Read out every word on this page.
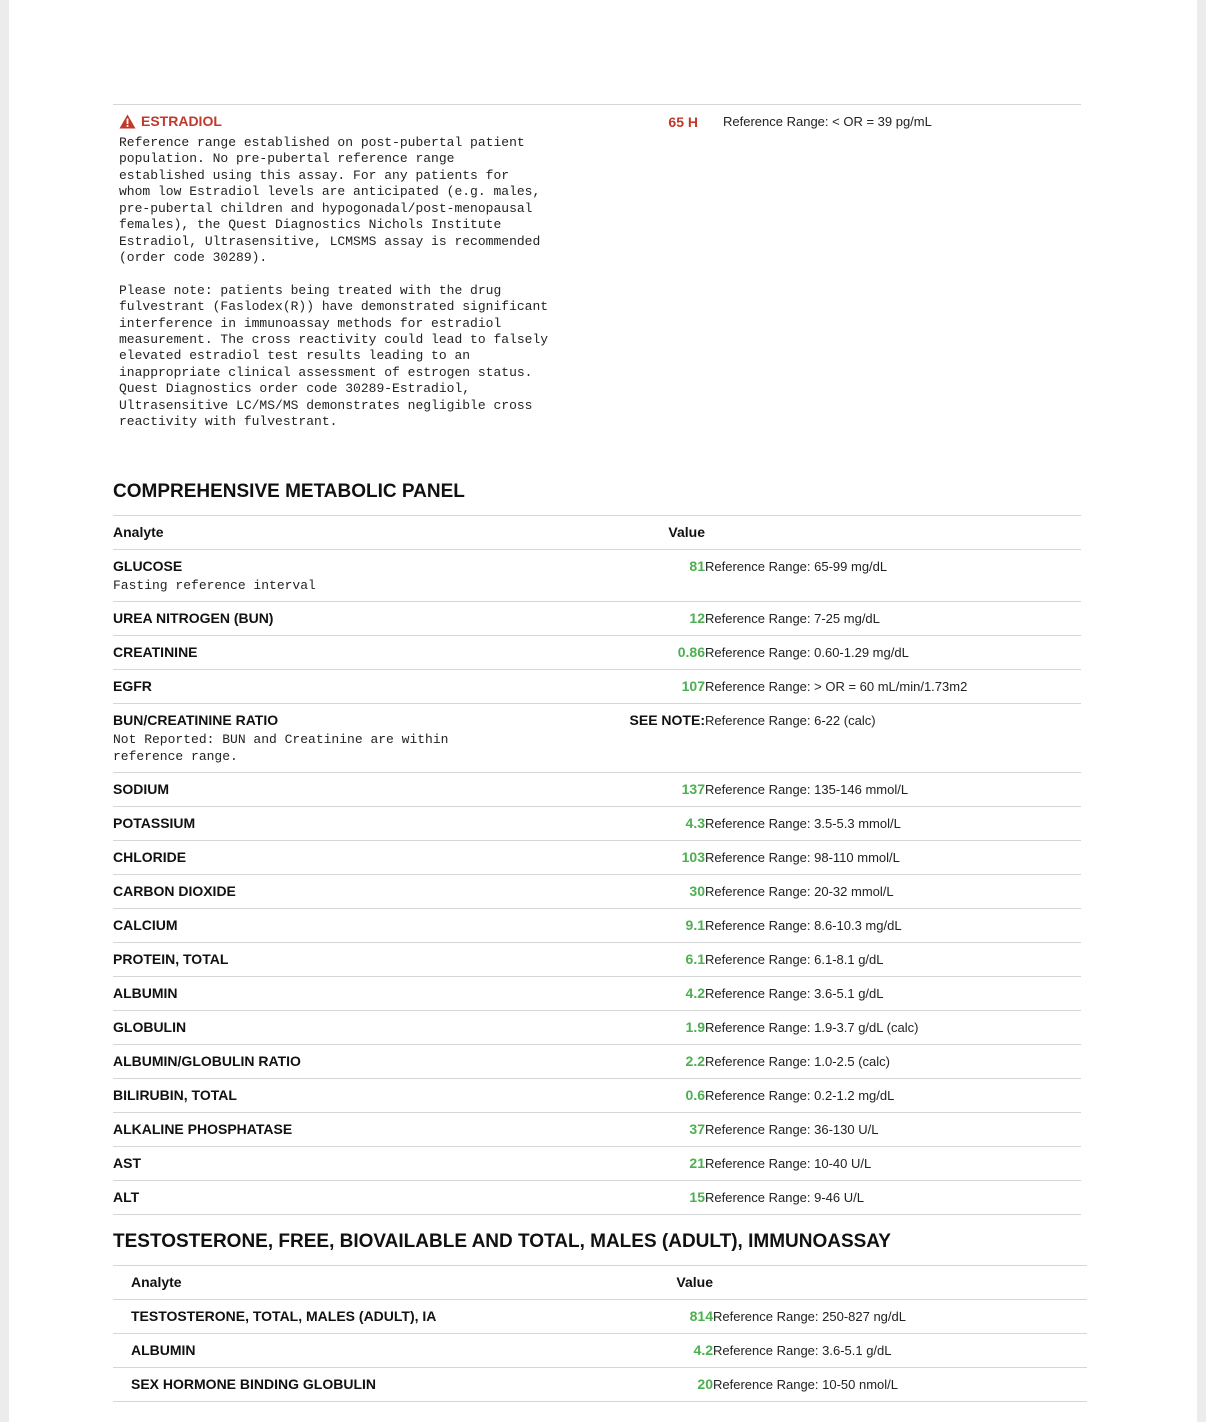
ESTRADIOL	65 H Reference Range: < OR = 39 pg/mL
Reference range established on post-pubertal patient
population. No pre-pubertal reference range
established using this assay. For any patients for
whom low Estradiol levels are anticipated (e.g. males,
pre-pubertal children and hypogonadal/post-menopausal
females), the Quest Diagnostics Nichols Institute
Estradiol, Ultrasensitive, LCMSMS assay is recommended
(order code 30289).
Please note: patients being treated with the drug
fulvestrant (Faslodex(R)) have demonstrated significant
interference in immunoassay methods for estradiol
measurement. The cross reactivity could lead to falsely
elevated estradiol test results leading to an
inappropriate clinical assessment of estrogen status.
Quest Diagnostics order code 30289-Estradiol,
Ultrasensitive LC/MS/MS demonstrates negligible cross
reactivity with fulvestrant.
COMPREHENSIVE METABOLIC PANEL
Analyte	Value	

GLUCOSE
Fasting reference interval	81	Reference Range: 65-99 mg/dL

UREA NITROGEN (BUN)	12	Reference Range: 7-25 mg/dL

CREATININE	0.86	Reference Range: 0.60-1.29 mg/dL

EGFR	107	Reference Range: > OR = 60 mL/min/1.73m2

BUN/CREATININE RATIO
Not Reported: BUN and Creatinine are within
reference range.	SEE NOTE:	Reference Range: 6-22 (calc)

SODIUM	137	Reference Range: 135-146 mmol/L

POTASSIUM	4.3	Reference Range: 3.5-5.3 mmol/L

CHLORIDE	103	Reference Range: 98-110 mmol/L

CARBON DIOXIDE	30	Reference Range: 20-32 mmol/L

CALCIUM	9.1	Reference Range: 8.6-10.3 mg/dL

PROTEIN, TOTAL	6.1	Reference Range: 6.1-8.1 g/dL

ALBUMIN	4.2	Reference Range: 3.6-5.1 g/dL

GLOBULIN	1.9	Reference Range: 1.9-3.7 g/dL (calc)

ALBUMIN/GLOBULIN RATIO	2.2	Reference Range: 1.0-2.5 (calc)

BILIRUBIN, TOTAL	0.6	Reference Range: 0.2-1.2 mg/dL

ALKALINE PHOSPHATASE	37	Reference Range: 36-130 U/L

AST	21	Reference Range: 10-40 U/L

ALT	15	Reference Range: 9-46 U/L
TESTOSTERONE, FREE, BIOVAILABLE AND TOTAL, MALES (ADULT), IMMUNOASSAY
Analyte	Value	

TESTOSTERONE, TOTAL, MALES (ADULT), IA	814	Reference Range: 250-827 ng/dL

ALBUMIN	4.2	Reference Range: 3.6-5.1 g/dL

SEX HORMONE BINDING GLOBULIN	20	Reference Range: 10-50 nmol/L
